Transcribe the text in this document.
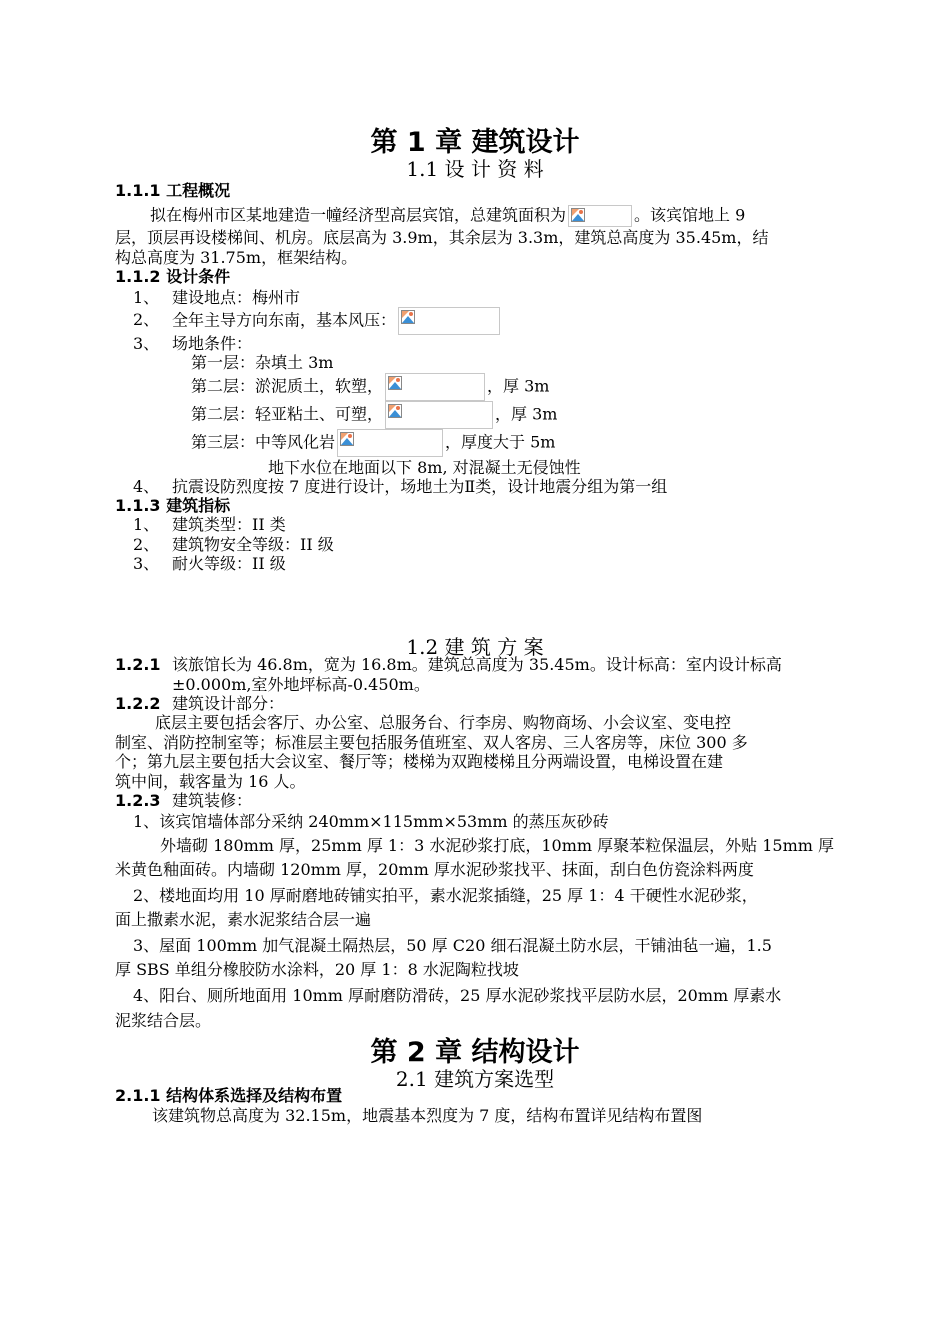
第 1 章 建筑设计
1.1 设 计 资 料
1.1.1 工程概况
拟在梅州市区某地建造一幢经济型高层宾馆，总建筑面积为	。该宾馆地上 9
层，顶层再设楼梯间、机房。底层高为 3.9m，其余层为 3.3m，建筑总高度为 35.45m，结
构总高度为 31.75m，框架结构。
1.1.2 设计条件
1、 建设地点：梅州市
2、 全年主导方向东南，基本风压：
3、 场地条件：
第一层：杂填土 3m
第二层：淤泥质土，软塑，	，厚 3m
第二层：轻亚粘土、可塑，	，厚 3m
第三层：中等风化岩	，厚度大于 5m
地下水位在地面以下 8m, 对混凝土无侵蚀性
4、 抗震设防烈度按 7 度进行设计，场地土为Ⅱ类，设计地震分组为第一组
1.1.3 建筑指标
1、 建筑类型：II 类
2、 建筑物安全等级：II 级
3、 耐火等级：II 级
1.2 建 筑 方 案
1.2.1 该旅馆长为 46.8m，宽为 16.8m。建筑总高度为 35.45m。设计标高：室内设计标高
±0.000m,室外地坪标高-0.450m。
1.2.2 建筑设计部分：
底层主要包括会客厅、办公室、总服务台、行李房、购物商场、小会议室、变电控
制室、消防控制室等；标准层主要包括服务值班室、双人客房、三人客房等，床位 300 多
个；第九层主要包括大会议室、餐厅等；楼梯为双跑楼梯且分两端设置，电梯设置在建
筑中间，载客量为 16 人。
1.2.3 建筑装修：
1、该宾馆墙体部分采纳 240mm×115mm×53mm 的蒸压灰砂砖
外墙砌 180mm 厚，25mm 厚 1：3 水泥砂浆打底，10mm 厚聚苯粒保温层，外贴 15mm 厚
米黄色釉面砖。内墙砌 120mm 厚，20mm 厚水泥砂浆找平、抹面，刮白色仿瓷涂料两度
2、楼地面均用 10 厚耐磨地砖铺实拍平，素水泥浆插缝，25 厚 1：4 干硬性水泥砂浆，
面上撒素水泥，素水泥浆结合层一遍
3、屋面 100mm 加气混凝土隔热层，50 厚 C20 细石混凝土防水层，干铺油毡一遍，1.5
厚 SBS 单组分橡胶防水涂料，20 厚 1：8 水泥陶粒找坡
4、阳台、厕所地面用 10mm 厚耐磨防滑砖，25 厚水泥砂浆找平层防水层，20mm 厚素水
泥浆结合层。
第 2 章 结构设计
2.1 建筑方案选型
2.1.1 结构体系选择及结构布置
该建筑物总高度为 32.15m，地震基本烈度为 7 度，结构布置详见结构布置图
